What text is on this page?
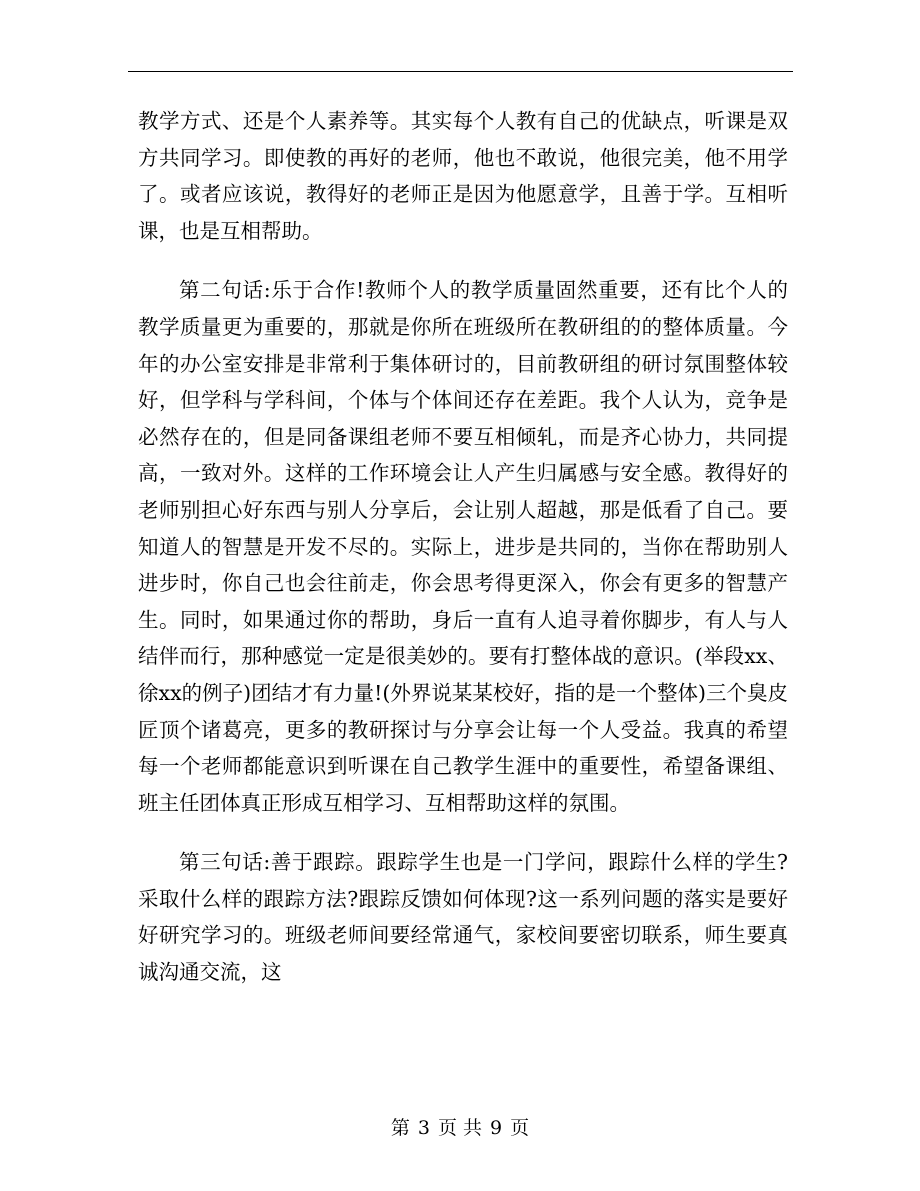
教学方式、还是个人素养等。其实每个人教有自己的优缺点，听课是双方共同学习。即使教的再好的老师，他也不敢说，他很完美，他不用学了。或者应该说，教得好的老师正是因为他愿意学，且善于学。互相听课，也是互相帮助。

第二句话:乐于合作!教师个人的教学质量固然重要，还有比个人的教学质量更为重要的，那就是你所在班级所在教研组的的整体质量。今年的办公室安排是非常利于集体研讨的，目前教研组的研讨氛围整体较好，但学科与学科间，个体与个体间还存在差距。我个人认为，竞争是必然存在的，但是同备课组老师不要互相倾轧，而是齐心协力，共同提高，一致对外。这样的工作环境会让人产生归属感与安全感。教得好的老师别担心好东西与别人分享后，会让别人超越，那是低看了自己。要知道人的智慧是开发不尽的。实际上，进步是共同的，当你在帮助别人进步时，你自己也会往前走，你会思考得更深入，你会有更多的智慧产生。同时，如果通过你的帮助，身后一直有人追寻着你脚步，有人与人结伴而行，那种感觉一定是很美妙的。要有打整体战的意识。(举段xx、徐xx的例子)团结才有力量!(外界说某某校好，指的是一个整体)三个臭皮匠顶个诸葛亮，更多的教研探讨与分享会让每一个人受益。我真的希望每一个老师都能意识到听课在自己教学生涯中的重要性，希望备课组、班主任团体真正形成互相学习、互相帮助这样的氛围。

第三句话:善于跟踪。跟踪学生也是一门学问，跟踪什么样的学生?采取什么样的跟踪方法?跟踪反馈如何体现?这一系列问题的落实是要好好研究学习的。班级老师间要经常通气，家校间要密切联系，师生要真诚沟通交流，这

第 3 页 共 9 页
